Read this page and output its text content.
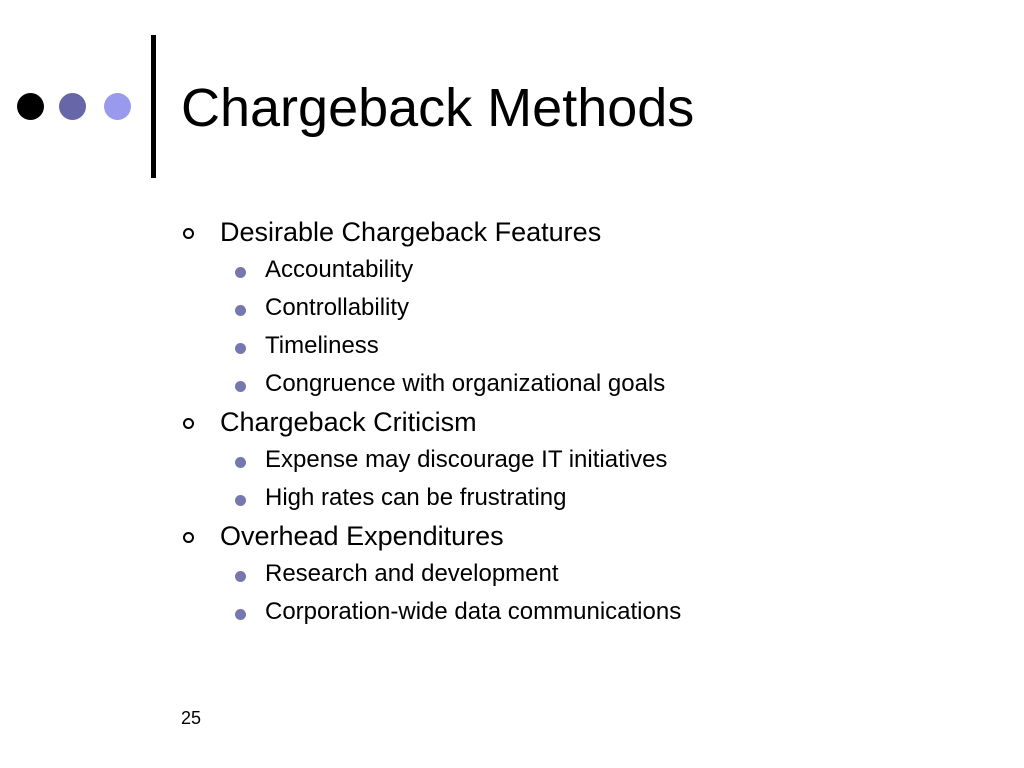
Chargeback Methods
Desirable Chargeback Features
Accountability
Controllability
Timeliness
Congruence with organizational goals
Chargeback Criticism
Expense may discourage IT initiatives
High rates can be frustrating
Overhead Expenditures
Research and development
Corporation-wide data communications
25
